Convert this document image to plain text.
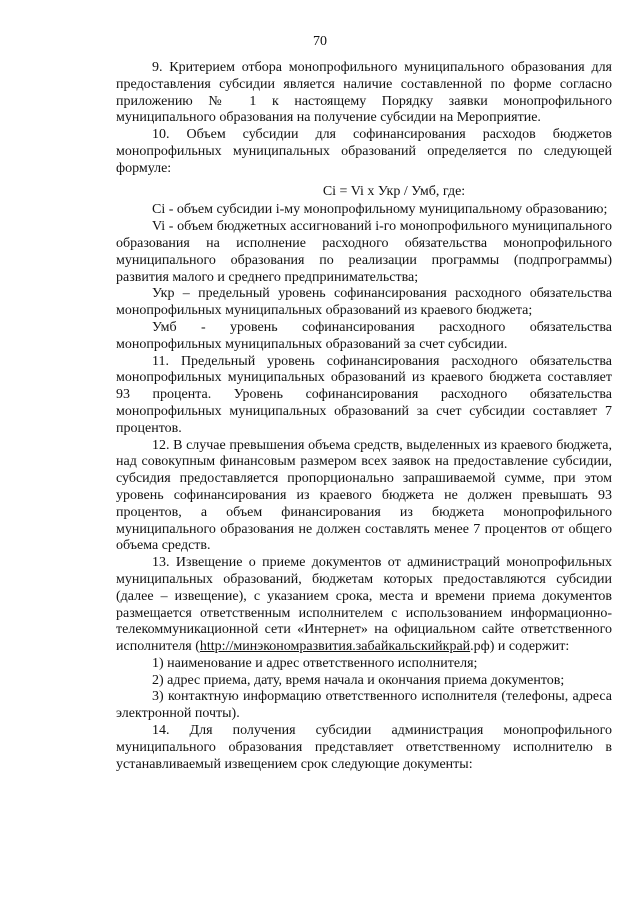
70

9. Критерием отбора монопрофильного муниципального образования для предоставления субсидии является наличие составленной по форме согласно приложению № 1 к настоящему Порядку заявки монопрофильного муниципального образования на получение субсидии на Мероприятие.

10. Объем субсидии для софинансирования расходов бюджетов монопрофильных муниципальных образований определяется по следующей формуле:

Ci = Vi x Укр / Умб, где:

Ci - объем субсидии i-му монопрофильному муниципальному образованию;

Vi - объем бюджетных ассигнований i-го монопрофильного муниципального образования на исполнение расходного обязательства монопрофильного муниципального образования по реализации программы (подпрограммы) развития малого и среднего предпринимательства;

Укр – предельный уровень софинансирования расходного обязательства монопрофильных муниципальных образований из краевого бюджета;

Умб - уровень софинансирования расходного обязательства монопрофильных муниципальных образований за счет субсидии.

11. Предельный уровень софинансирования расходного обязательства монопрофильных муниципальных образований из краевого бюджета составляет 93 процента. Уровень софинансирования расходного обязательства монопрофильных муниципальных образований за счет субсидии составляет 7 процентов.

12. В случае превышения объема средств, выделенных из краевого бюджета, над совокупным финансовым размером всех заявок на предоставление субсидии, субсидия предоставляется пропорционально запрашиваемой сумме, при этом уровень софинансирования из краевого бюджета не должен превышать 93 процентов, а объем финансирования из бюджета монопрофильного муниципального образования не должен составлять менее 7 процентов от общего объема средств.

13. Извещение о приеме документов от администраций монопрофильных муниципальных образований, бюджетам которых предоставляются субсидии (далее – извещение), с указанием срока, места и времени приема документов размещается ответственным исполнителем с использованием информационно-телекоммуникационной сети «Интернет» на официальном сайте ответственного исполнителя (http://минэкономразвития.забайкальскийкрай.рф) и содержит:

1) наименование и адрес ответственного исполнителя;

2) адрес приема, дату, время начала и окончания приема документов;

3) контактную информацию ответственного исполнителя (телефоны, адреса электронной почты).

14. Для получения субсидии администрация монопрофильного муниципального образования представляет ответственному исполнителю в устанавливаемый извещением срок следующие документы:
